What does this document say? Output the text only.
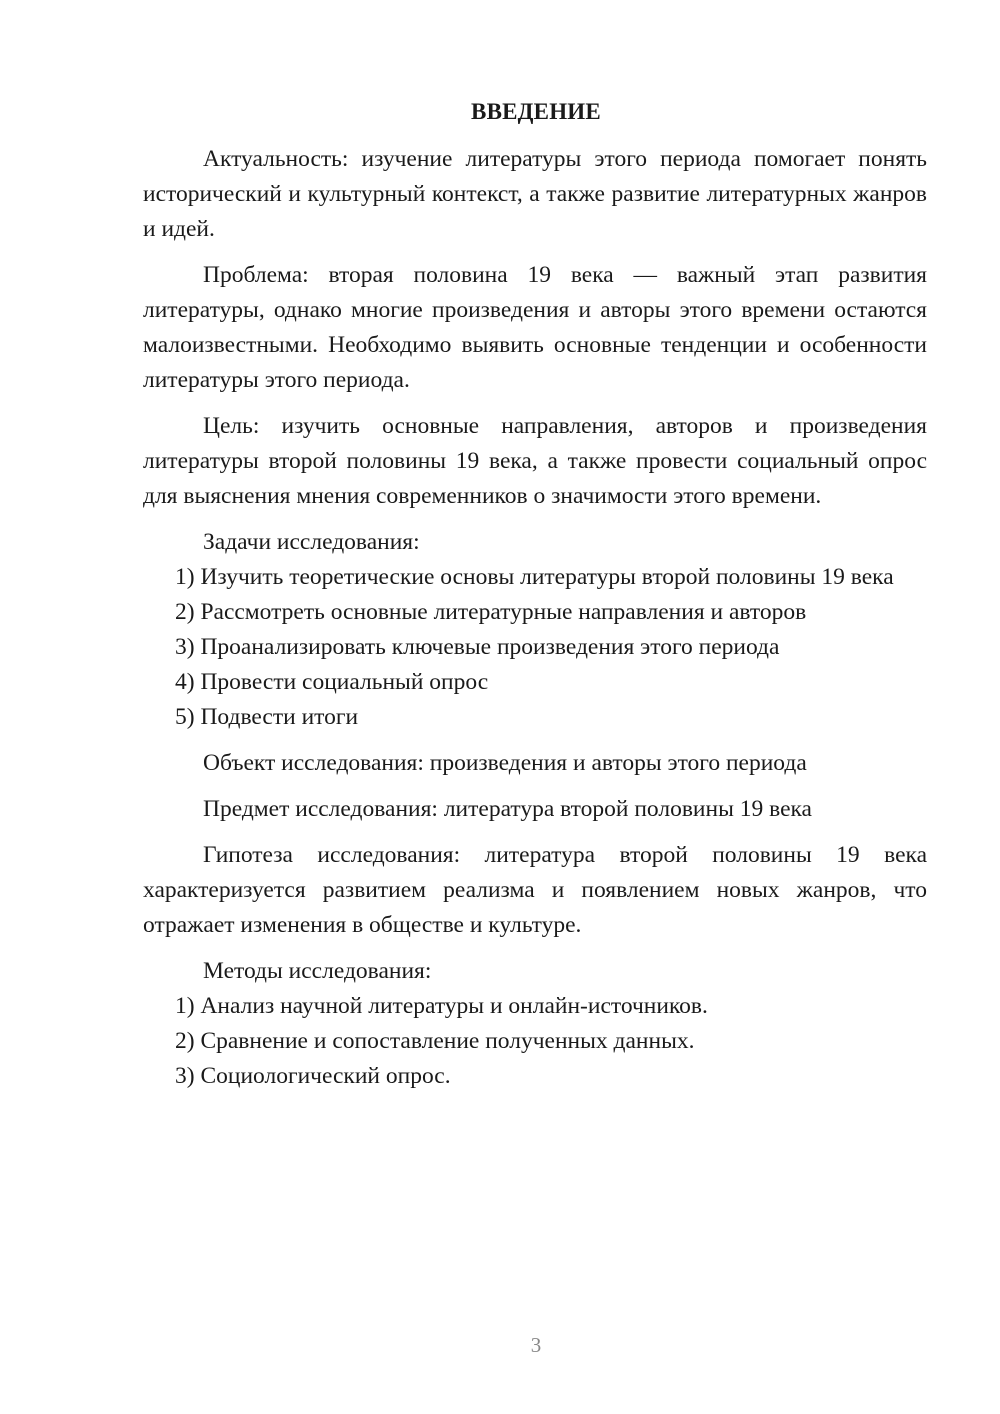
ВВЕДЕНИЕ

Актуальность: изучение литературы этого периода помогает понять исторический и культурный контекст, а также развитие литературных жанров и идей.

Проблема: вторая половина 19 века — важный этап развития литературы, однако многие произведения и авторы этого времени остаются малоизвестными. Необходимо выявить основные тенденции и особенности литературы этого периода.

Цель: изучить основные направления, авторов и произведения литературы второй половины 19 века, а также провести социальный опрос для выяснения мнения современников о значимости этого времени.

Задачи исследования:

1) Изучить теоретические основы литературы второй половины 19 века

2) Рассмотреть основные литературные направления и авторов

3) Проанализировать ключевые произведения этого периода

4) Провести социальный опрос

5) Подвести итоги

Объект исследования: произведения и авторы этого периода

Предмет исследования: литература второй половины 19 века

Гипотеза исследования: литература второй половины 19 века характеризуется развитием реализма и появлением новых жанров, что отражает изменения в обществе и культуре.

Методы исследования:

1) Анализ научной литературы и онлайн-источников.

2) Сравнение и сопоставление полученных данных.

3) Социологический опрос.

3
